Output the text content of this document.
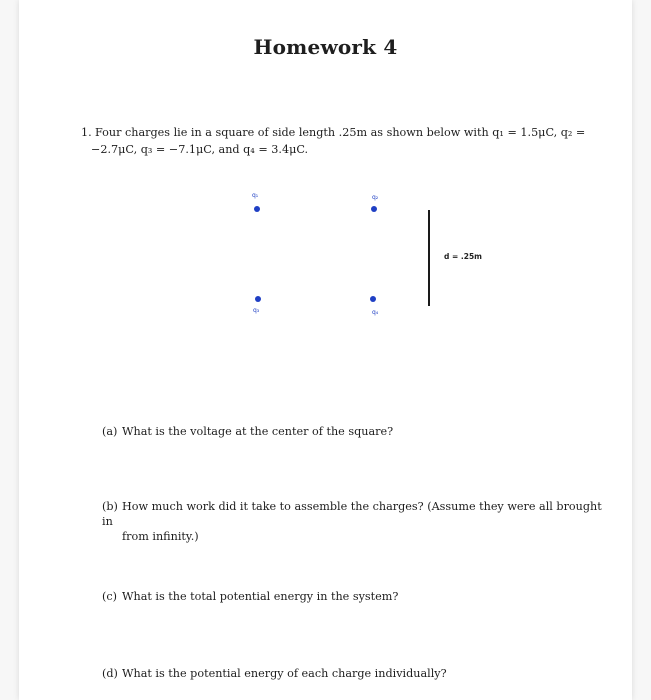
Homework 4
1. Four charges lie in a square of side length .25m as shown below with q₁ = 1.5μC, q₂ =
−2.7μC, q₃ = −7.1μC, and q₄ = 3.4μC.
q₁	q₂
q₃	q₄
d = .25m
(a) What is the voltage at the center of the square?
(b) How much work did it take to assemble the charges? (Assume they were all brought in
from infinity.)
(c) What is the total potential energy in the system?
(d) What is the potential energy of each charge individually?
